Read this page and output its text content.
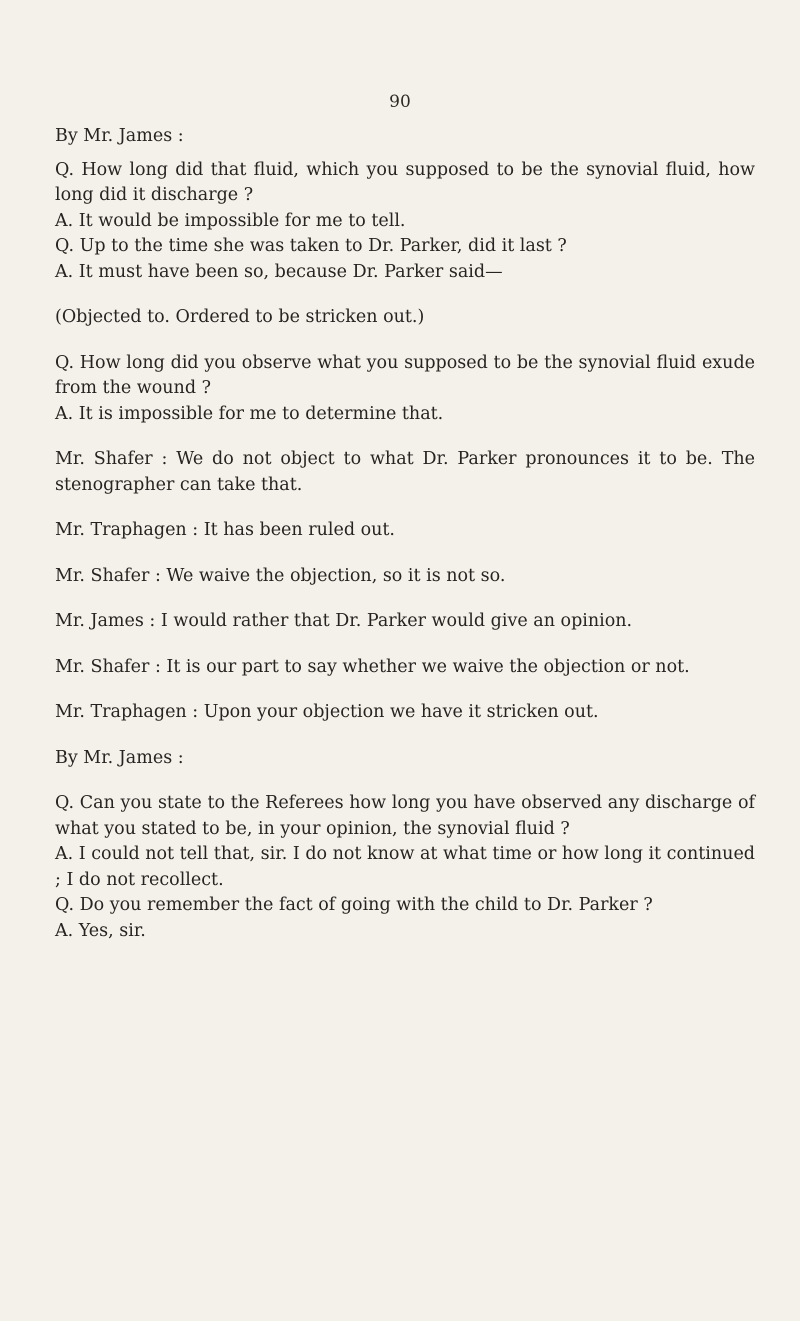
90

By Mr. James :

Q. How long did that fluid, which you supposed to be the synovial fluid, how long did it discharge ?

A. It would be impossible for me to tell.

Q. Up to the time she was taken to Dr. Parker, did it last ?

A. It must have been so, because Dr. Parker said—

(Objected to. Ordered to be stricken out.)

Q. How long did you observe what you supposed to be the synovial fluid exude from the wound ?

A. It is impossible for me to determine that.

Mr. Shafer : We do not object to what Dr. Parker pronounces it to be. The stenographer can take that.

Mr. Traphagen : It has been ruled out.

Mr. Shafer : We waive the objection, so it is not so.

Mr. James : I would rather that Dr. Parker would give an opinion.

Mr. Shafer : It is our part to say whether we waive the objection or not.

Mr. Traphagen : Upon your objection we have it stricken out.

By Mr. James :

Q. Can you state to the Referees how long you have observed any discharge of what you stated to be, in your opinion, the synovial fluid ?

A. I could not tell that, sir. I do not know at what time or how long it continued ; I do not recollect.

Q. Do you remember the fact of going with the child to Dr. Parker ?

A. Yes, sir.
